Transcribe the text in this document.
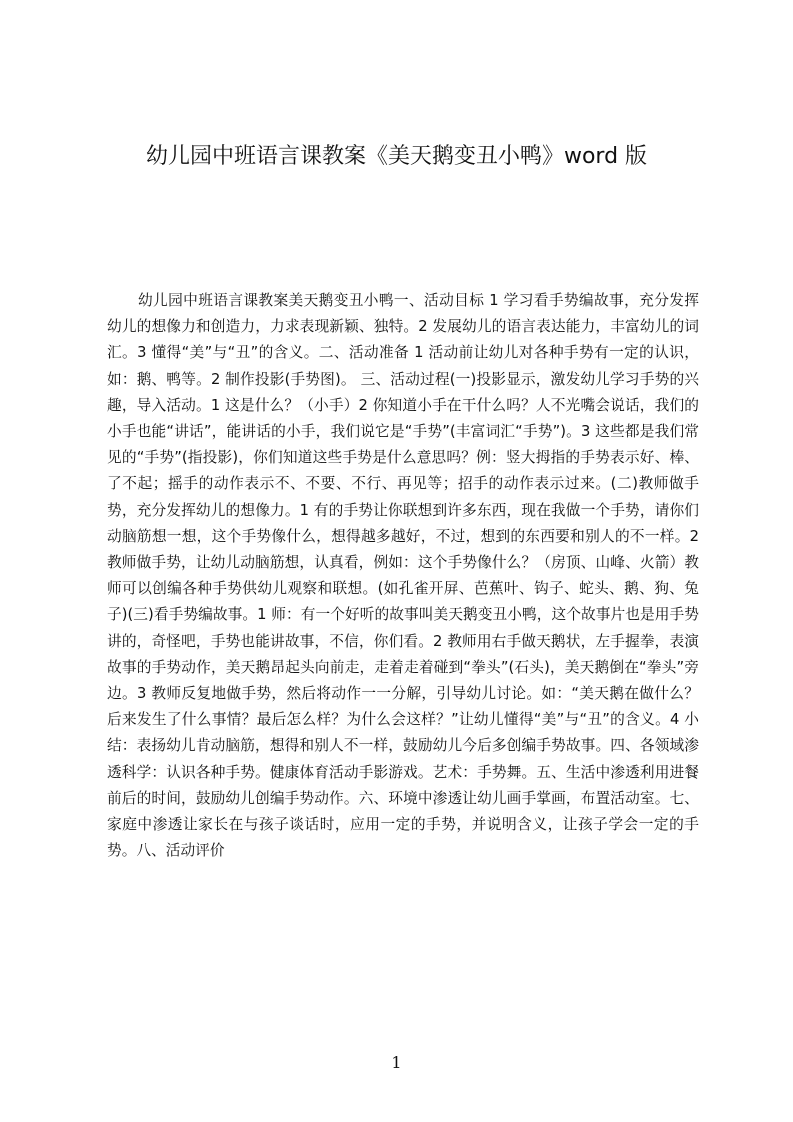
幼儿园中班语言课教案《美天鹅变丑小鸭》word 版

幼儿园中班语言课教案美天鹅变丑小鸭一、活动目标 1 学习看手势编故事，充分发挥幼儿的想像力和创造力，力求表现新颖、独特。2 发展幼儿的语言表达能力，丰富幼儿的词汇。3 懂得“美”与“丑”的含义。二、活动准备 1 活动前让幼儿对各种手势有一定的认识，如：鹅、鸭等。2 制作投影(手势图)。 三、活动过程(一)投影显示，激发幼儿学习手势的兴趣，导入活动。1 这是什么？（小手）2 你知道小手在干什么吗？人不光嘴会说话，我们的小手也能“讲话”，能讲话的小手，我们说它是“手势”(丰富词汇“手势”)。3 这些都是我们常见的“手势”(指投影)，你们知道这些手势是什么意思吗？例：竖大拇指的手势表示好、棒、了不起；摇手的动作表示不、不要、不行、再见等；招手的动作表示过来。(二)教师做手势，充分发挥幼儿的想像力。1 有的手势让你联想到许多东西，现在我做一个手势，请你们动脑筋想一想，这个手势像什么，想得越多越好，不过，想到的东西要和别人的不一样。2 教师做手势，让幼儿动脑筋想，认真看，例如：这个手势像什么？（房顶、山峰、火箭）教师可以创编各种手势供幼儿观察和联想。(如孔雀开屏、芭蕉叶、钩子、蛇头、鹅、狗、兔子)(三)看手势编故事。1 师：有一个好听的故事叫美天鹅变丑小鸭，这个故事片也是用手势讲的，奇怪吧，手势也能讲故事，不信，你们看。2 教师用右手做天鹅状，左手握拳，表演故事的手势动作，美天鹅昂起头向前走，走着走着碰到“拳头”(石头)，美天鹅倒在“拳头”旁边。3 教师反复地做手势，然后将动作一一分解，引导幼儿讨论。如：“美天鹅在做什么？后来发生了什么事情？最后怎么样？为什么会这样？”让幼儿懂得“美”与“丑”的含义。4 小结：表扬幼儿肯动脑筋，想得和别人不一样，鼓励幼儿今后多创编手势故事。四、各领域渗透科学：认识各种手势。健康体育活动手影游戏。艺术：手势舞。五、生活中渗透利用进餐前后的时间，鼓励幼儿创编手势动作。六、环境中渗透让幼儿画手掌画，布置活动室。七、家庭中渗透让家长在与孩子谈话时，应用一定的手势，并说明含义，让孩子学会一定的手势。八、活动评价

1
